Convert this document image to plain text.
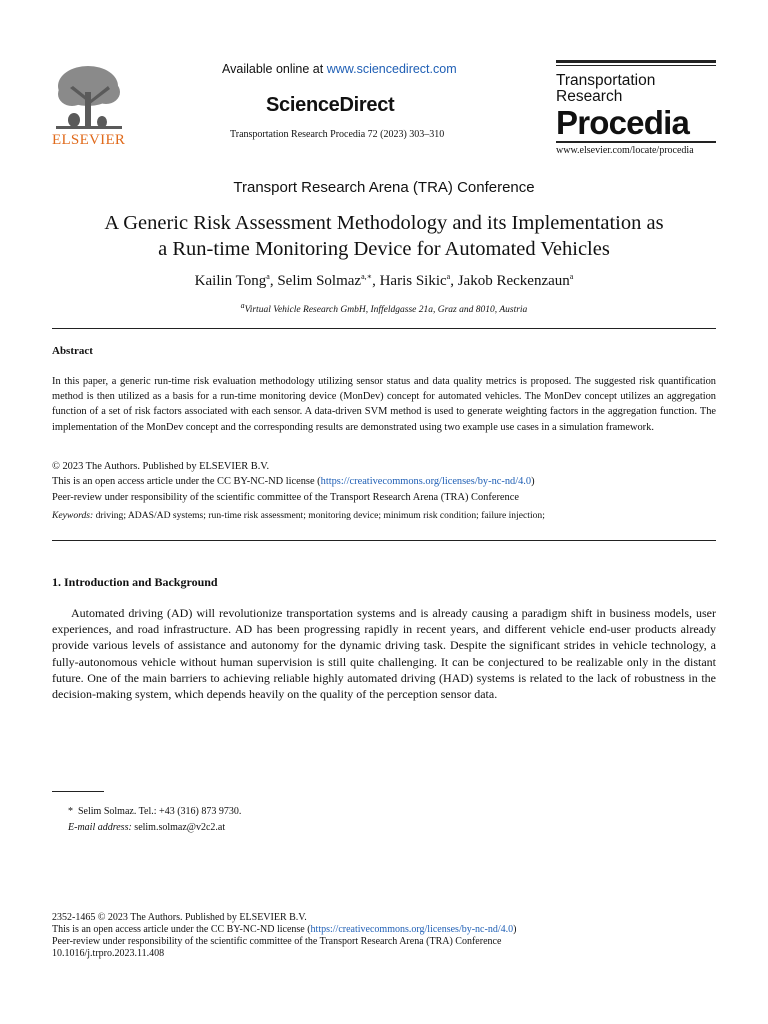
ELSEVIER
Available online at www.sciencedirect.com
ScienceDirect
Transportation Research Procedia 72 (2023) 303–310
Transportation
Research
Procedia
www.elsevier.com/locate/procedia
Transport Research Arena (TRA) Conference
A Generic Risk Assessment Methodology and its Implementation as
a Run-time Monitoring Device for Automated Vehicles
Kailin Tong$^a$, Selim Solmaz$^{a,∗}$, Haris Sikic$^a$, Jakob Reckenzaun$^a$
$^a$Virtual Vehicle Research GmbH, Inffeldgasse 21a, Graz and 8010, Austria
Abstract
In this paper, a generic run-time risk evaluation methodology utilizing sensor status and data quality metrics is proposed. The suggested risk quantification method is then utilized as a basis for a run-time monitoring device (MonDev) concept for automated vehicles. The MonDev concept utilizes an aggregation function of a set of risk factors associated with each sensor. A data-driven SVM method is used to generate weighting factors in the aggregation function. The implementation of the MonDev concept and the corresponding results are demonstrated using two example use cases in a simulation framework.
© 2023 The Authors. Published by ELSEVIER B.V.
This is an open access article under the CC BY-NC-ND license (https://creativecommons.org/licenses/by-nc-nd/4.0)
Peer-review under responsibility of the scientific committee of the Transport Research Arena (TRA) Conference
Keywords: driving; ADAS/AD systems; run-time risk assessment; monitoring device; minimum risk condition; failure injection;
1. Introduction and Background
Automated driving (AD) will revolutionize transportation systems and is already causing a paradigm shift in business models, user experiences, and road infrastructure. AD has been progressing rapidly in recent years, and different vehicle end-user products already provide various levels of assistance and autonomy for the dynamic driving task. Despite the significant strides in vehicle technology, a fully-autonomous vehicle without human supervision is still quite challenging. It can be conjectured to be realizable only in the distant future. One of the main barriers to achieving reliable highly automated driving (HAD) systems is related to the lack of robustness in the decision-making system, which depends heavily on the quality of the perception sensor data.
* Selim Solmaz. Tel.: +43 (316) 873 9730.
E-mail address: selim.solmaz@v2c2.at
2352-1465 © 2023 The Authors. Published by ELSEVIER B.V.
This is an open access article under the CC BY-NC-ND license (https://creativecommons.org/licenses/by-nc-nd/4.0)
Peer-review under responsibility of the scientific committee of the Transport Research Arena (TRA) Conference
10.1016/j.trpro.2023.11.408
